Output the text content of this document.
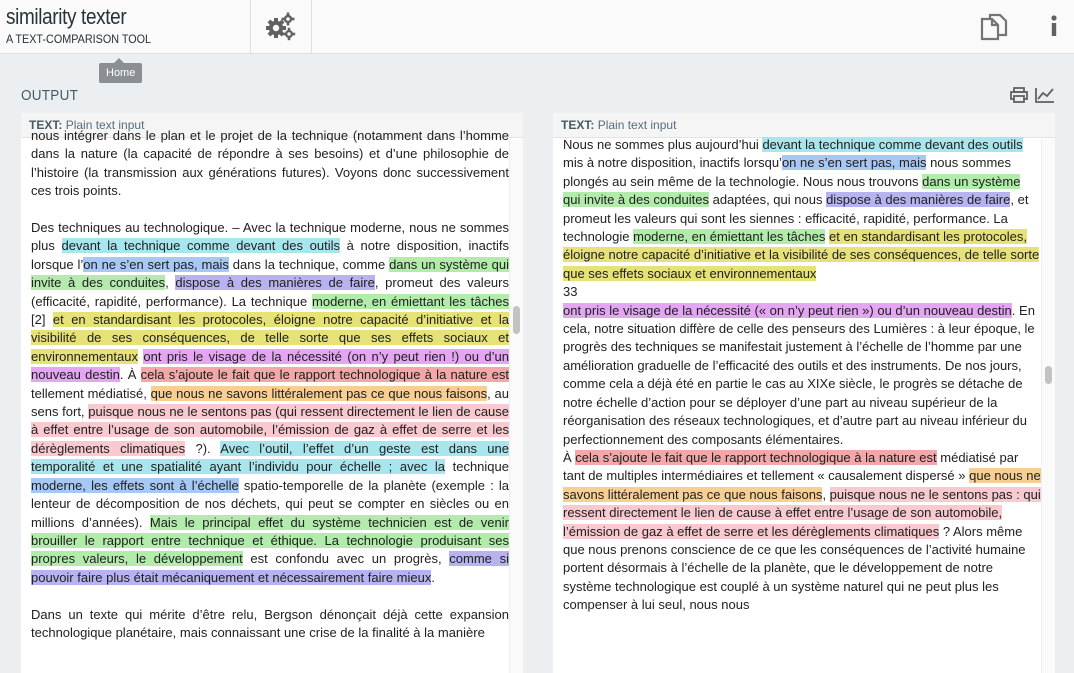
similarity texter
A TEXT-COMPARISON TOOL
Home
OUTPUT
TEXT: Plain text input

nous intégrer dans le plan et le projet de la technique (notamment dans l’homme dans la nature (la capacité de répondre à ses besoins) et d’une philosophie de l’histoire (la transmission aux générations futures). Voyons donc successivement ces trois points.

Des techniques au technologique. – Avec la technique moderne, nous ne sommes plus devant la technique comme devant des outils à notre disposition, inactifs lorsque l’on ne s’en sert pas, mais dans la technique, comme dans un système qui invite à des conduites, dispose à des manières de faire, promeut des valeurs (efficacité, rapidité, performance). La technique moderne, en émiettant les tâches [2] et en standardisant les protocoles, éloigne notre capacité d’initiative et la visibilité de ses conséquences, de telle sorte que ses effets sociaux et environnementaux ont pris le visage de la nécessité (on n’y peut rien !) ou d’un nouveau destin. À cela s’ajoute le fait que le rapport technologique à la nature est tellement médiatisé, que nous ne savons littéralement pas ce que nous faisons, au sens fort, puisque nous ne le sentons pas (qui ressent directement le lien de cause à effet entre l’usage de son automobile, l’émission de gaz à effet de serre et les dérèglements climatiques ?). Avec l’outil, l’effet d’un geste est dans une temporalité et une spatialité ayant l’individu pour échelle ; avec la technique moderne, les effets sont à l’échelle spatio-temporelle de la planète (exemple : la lenteur de décomposition de nos déchets, qui peut se compter en siècles ou en millions d’années). Mais le principal effet du système technicien est de venir brouiller le rapport entre technique et éthique. La technologie produisant ses propres valeurs, le développement est confondu avec un progrès, comme si pouvoir faire plus était mécaniquement et nécessairement faire mieux.

Dans un texte qui mérite d’être relu, Bergson dénonçait déjà cette expansion technologique planétaire, mais connaissant une crise de la finalité à la manière

TEXT: Plain text input

Nous ne sommes plus aujourd’hui devant la technique comme devant des outils mis à notre disposition, inactifs lorsqu’on ne s’en sert pas, mais nous sommes plongés au sein même de la technologie. Nous nous trouvons dans un système qui invite à des conduites adaptées, qui nous dispose à des manières de faire, et promeut les valeurs qui sont les siennes : efficacité, rapidité, performance. La technologie moderne, en émiettant les tâches et en standardisant les protocoles, éloigne notre capacité d’initiative et la visibilité de ses conséquences, de telle sorte que ses effets sociaux et environnementaux

33

ont pris le visage de la nécessité (« on n’y peut rien ») ou d’un nouveau destin. En cela, notre situation diffère de celle des penseurs des Lumières : à leur époque, le progrès des techniques se manifestait justement à l’échelle de l’homme par une amélioration graduelle de l’efficacité des outils et des instruments. De nos jours, comme cela a déjà été en partie le cas au XIXe siècle, le progrès se détache de notre échelle d’action pour se déployer d’une part au niveau supérieur de la réorganisation des réseaux technologiques, et d’autre part au niveau inférieur du perfectionnement des composants élémentaires.

À cela s’ajoute le fait que le rapport technologique à la nature est médiatisé par tant de multiples intermédiaires et tellement « causalement dispersé » que nous ne savons littéralement pas ce que nous faisons, puisque nous ne le sentons pas : qui ressent directement le lien de cause à effet entre l’usage de son automobile, l’émission de gaz à effet de serre et les dérèglements climatiques ? Alors même que nous prenons conscience de ce que les conséquences de l’activité humaine portent désormais à l’échelle de la planète, que le développement de notre système technologique est couplé à un système naturel qui ne peut plus les compenser à lui seul, nous nous
